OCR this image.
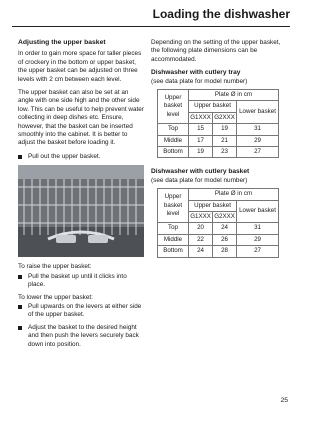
Loading the dishwasher
Adjusting the upper basket

In order to gain more space for taller pieces of crockery in the bottom or upper basket, the upper basket can be adjusted on three levels with 2 cm between each level.

The upper basket can also be set at an angle with one side high and the other side low. This can be useful to help prevent water collecting in deep dishes etc. Ensure, however, that the basket can be inserted smoothly into the cabinet. It is better to adjust the basket before loading it.

Pull out the upper basket.

To raise the upper basket:

Pull the basket up until it clicks into place.

To lower the upper basket:

Pull upwards on the levers at either side of the upper basket.
Adjust the basket to the desired height and then push the levers securely back down into position.

Depending on the setting of the upper basket, the following plate dimensions can be accommodated.

Dishwasher with cutlery tray
(see data plate for model number)
Upper basket level	Plate Ø in cm		
	Upper basket		Lower basket
	G1XXX	G2XXX	
Top	15	19	31
Middle	17	21	29
Bottom	19	23	27
Dishwasher with cutlery basket
(see data plate for model number)
Upper basket level	Plate Ø in cm		
	Upper basket		Lower basket
	G1XXX	G2XXX	
Top	20	24	31
Middle	22	26	29
Bottom	24	28	27
25
